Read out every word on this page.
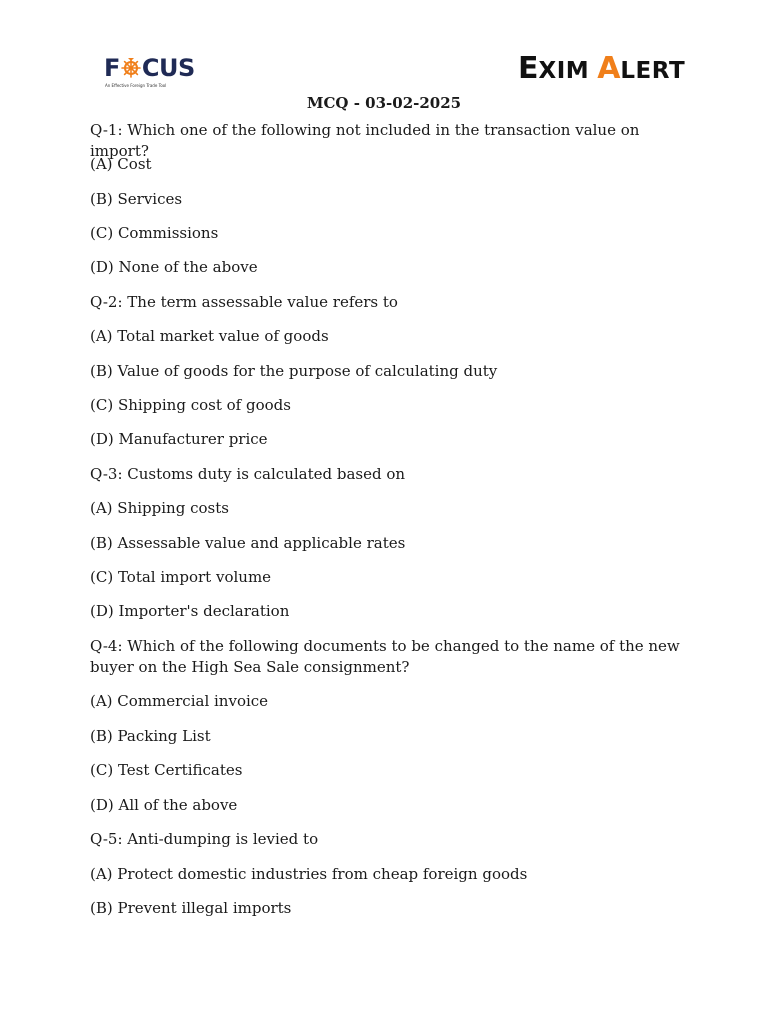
F CUS
An Effective Foreign Trade Tool	EXIM ALERT
MCQ - 03-02-2025
Q-1: Which one of the following not included in the transaction value on import?
(A) Cost
(B) Services
(C) Commissions
(D) None of the above
Q-2: The term assessable value refers to
(A) Total market value of goods
(B) Value of goods for the purpose of calculating duty
(C) Shipping cost of goods
(D) Manufacturer price
Q-3: Customs duty is calculated based on
(A) Shipping costs
(B) Assessable value and applicable rates
(C) Total import volume
(D) Importer's declaration
Q-4: Which of the following documents to be changed to the name of the new buyer on the High Sea Sale consignment?
(A) Commercial invoice
(B) Packing List
(C) Test Certificates
(D) All of the above
Q-5: Anti-dumping is levied to
(A) Protect domestic industries from cheap foreign goods
(B) Prevent illegal imports
